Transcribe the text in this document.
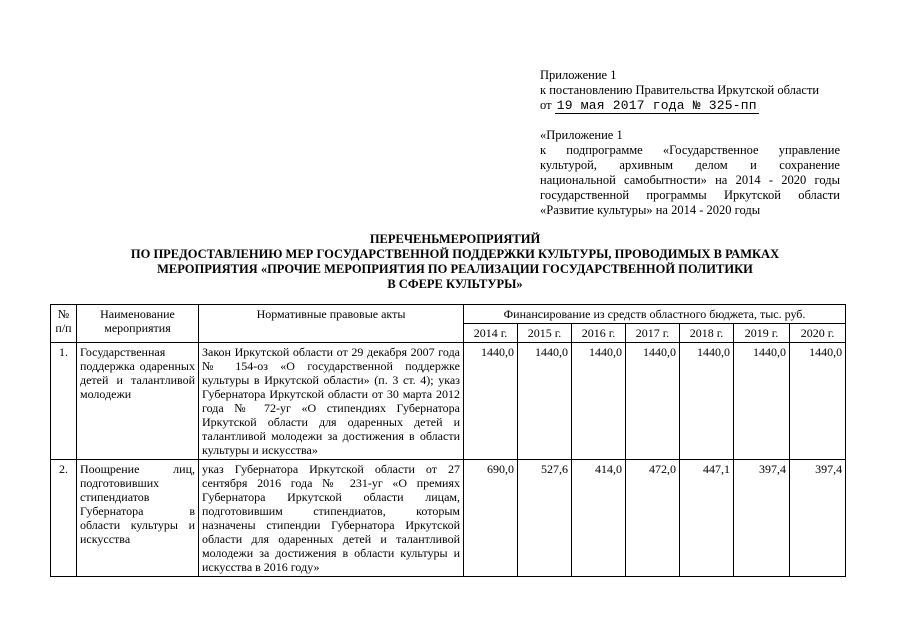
Приложение 1
к постановлению Правительства Иркутской области
от 19 мая 2017 года № 325-пп
«Приложение 1
к подпрограмме «Государственное управление
культурой, архивным делом и сохранение
национальной самобытности» на 2014 - 2020 годы
государственной программы Иркутской области
«Развитие культуры» на 2014 - 2020 годы
ПЕРЕЧЕНЬМЕРОПРИЯТИЙ
ПО ПРЕДОСТАВЛЕНИЮ МЕР ГОСУДАРСТВЕННОЙ ПОДДЕРЖКИ КУЛЬТУРЫ, ПРОВОДИМЫХ В РАМКАХ
МЕРОПРИЯТИЯ «ПРОЧИЕ МЕРОПРИЯТИЯ ПО РЕАЛИЗАЦИИ ГОСУДАРСТВЕННОЙ ПОЛИТИКИ
В СФЕРЕ КУЛЬТУРЫ»
№ п/п	Наименование мероприятия	Нормативные правовые акты	Финансирование из средств областного бюджета, тыс. руб.						
			2014 г.	2015 г.	2016 г.	2017 г.	2018 г.	2019 г.	2020 г.
1.	Государственная поддержка одаренных детей и талантливой молодежи	Закон Иркутской области от 29 декабря 2007 года № 154-оз «О государственной поддержке культуры в Иркутской области» (п. 3 ст. 4); указ Губернатора Иркутской области от 30 марта 2012 года № 72-уг «О стипендиях Губернатора Иркутской области для одаренных детей и талантливой молодежи за достижения в области культуры и искусства»	1440,0	1440,0	1440,0	1440,0	1440,0	1440,0	1440,0
2.	Поощрение лиц, подготовивших стипендиатов Губернатора в области культуры и искусства	указ Губернатора Иркутской области от 27 сентября 2016 года № 231-уг «О премиях Губернатора Иркутской области лицам, подготовившим стипендиатов, которым назначены стипендии Губернатора Иркутской области для одаренных детей и талантливой молодежи за достижения в области культуры и искусства в 2016 году»	690,0	527,6	414,0	472,0	447,1	397,4	397,4
